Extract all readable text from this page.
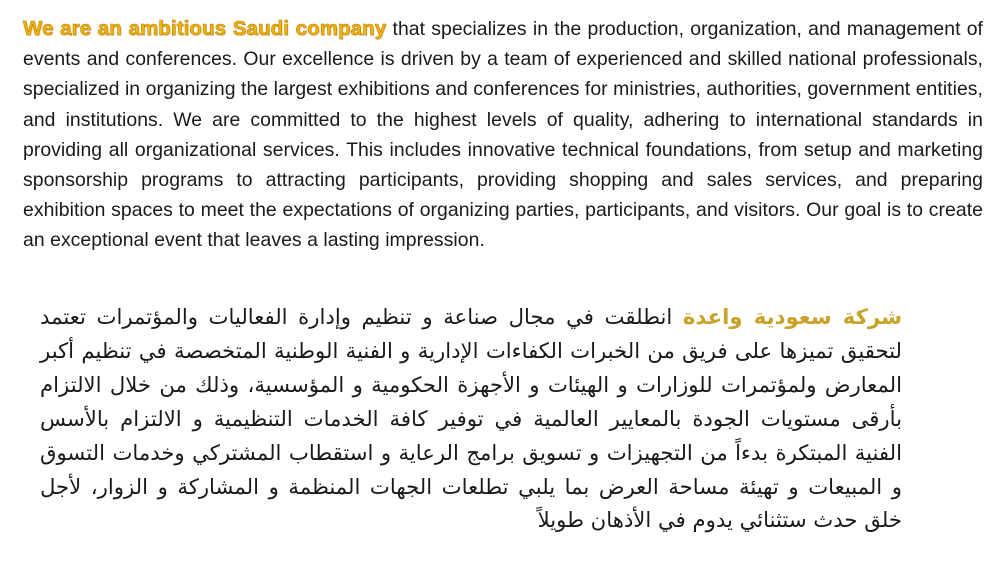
We are an ambitious Saudi company that specializes in the production, organization, and management of events and conferences. Our excellence is driven by a team of experienced and skilled national professionals, specialized in organizing the largest exhibitions and conferences for ministries, authorities, government entities, and institutions. We are committed to the highest levels of quality, adhering to international standards in providing all organizational services. This includes innovative technical foundations, from setup and marketing sponsorship programs to attracting participants, providing shopping and sales services, and preparing exhibition spaces to meet the expectations of organizing parties, participants, and visitors. Our goal is to create an exceptional event that leaves a lasting impression.

شركة سعودية واعدة انطلقت في مجال صناعة و تنظيم وإدارة الفعاليات والمؤتمرات تعتمد لتحقيق تميزها على فريق من الخبرات الكفاءات الإدارية و الفنية الوطنية المتخصصة في تنظيم أكبر المعارض ولمؤتمرات للوزارات و الهيئات و الأجهزة الحكومية و المؤسسية، وذلك من خلال الالتزام بأرقى مستويات الجودة بالمعايير العالمية في توفير كافة الخدمات التنظيمية و الالتزام بالأسس الفنية المبتكرة بدءاً من التجهيزات و تسويق برامج الرعاية و استقطاب المشتركي وخدمات التسوق و المبيعات و تهيئة مساحة العرض بما يلبي تطلعات الجهات المنظمة و المشاركة و الزوار، لأجل خلق حدث ستثنائي يدوم في الأذهان طويلاً
